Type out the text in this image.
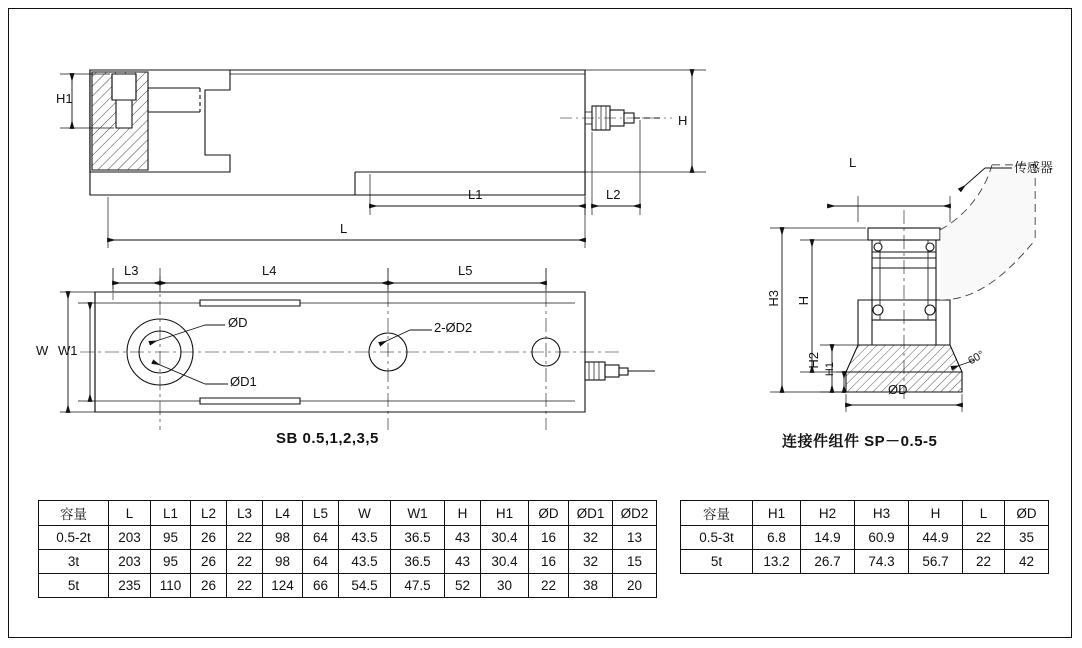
H1
H
L1	L2
L
L3	L4	L5
W W1
ØD
ØD1
2-ØD2
L	传感器
H3 H
H2
H1
ØD
60°
SB 0.5,1,2,3,5	连接件组件 SP－0.5-5
容量	L	L1	L2	L3	L4	L5	W	W1	H	H1	ØD	ØD1	ØD2
0.5-2t	203	95	26	22	98	64	43.5	36.5	43	30.4	16	32	13
3t	203	95	26	22	98	64	43.5	36.5	43	30.4	16	32	15
5t	235	110	26	22	124	66	54.5	47.5	52	30	22	38	20
容量	H1	H2	H3	H	L	ØD
0.5-3t	6.8	14.9	60.9	44.9	22	35
5t	13.2	26.7	74.3	56.7	22	42
